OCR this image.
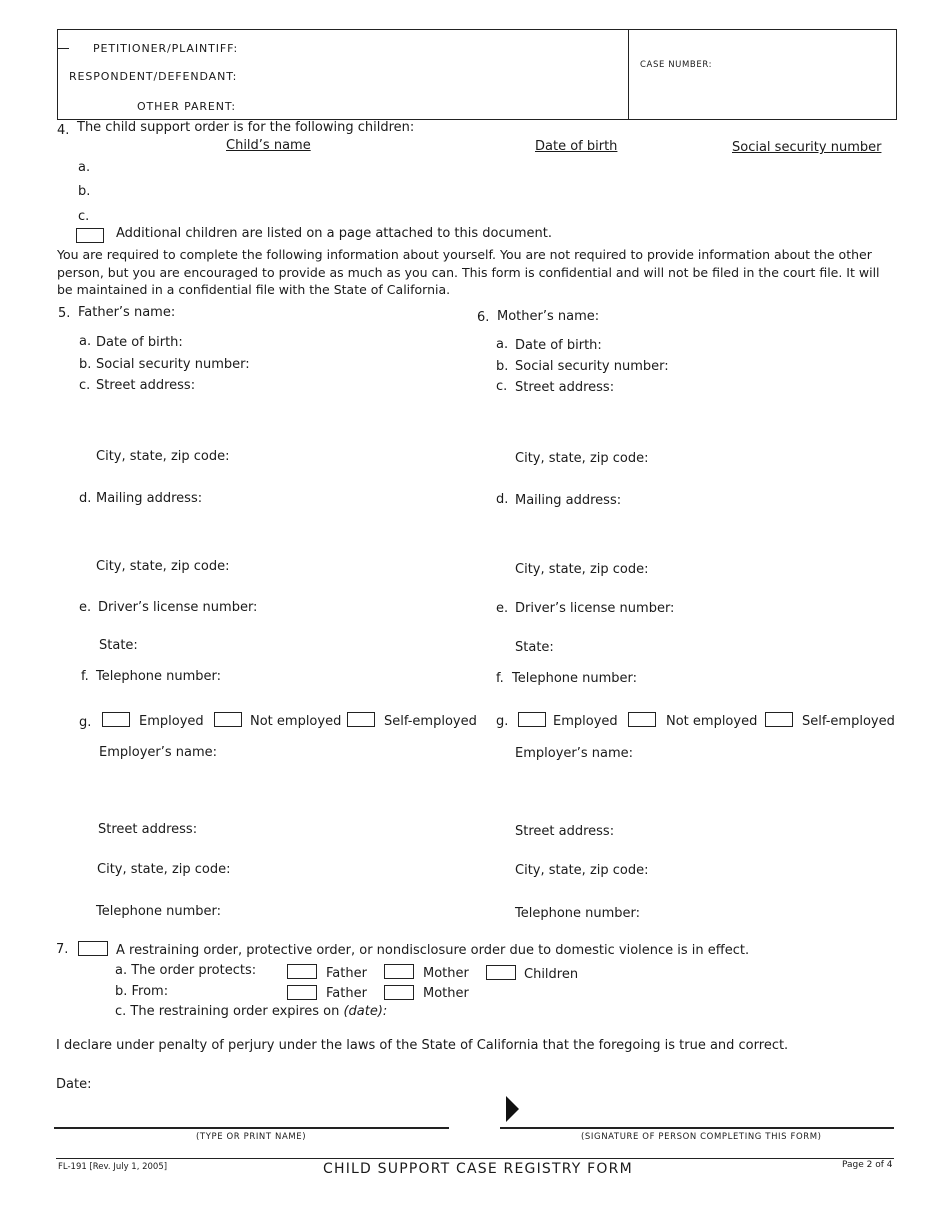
PETITIONER/PLAINTIFF:
RESPONDENT/DEFENDANT:
OTHER PARENT:
CASE NUMBER:
4. The child support order is for the following children:
Child’s name	Date of birth	Social security number
a.
b.
c.
Additional children are listed on a page attached to this document.
You are required to complete the following information about yourself. You are not required to provide information about the other person, but you are encouraged to provide as much as you can. This form is confidential and will not be filed in the court file. It will be maintained in a confidential file with the State of California.
5. Father’s name:
a. Date of birth:
b. Social security number:
c. Street address:
City, state, zip code:
d. Mailing address:
City, state, zip code:
e. Driver’s license number:
State:
f. Telephone number:
g.	Employed	Not employed	Self-employed
Employer’s name:
Street address:
City, state, zip code:
Telephone number:
6. Mother’s name:
a. Date of birth:
b. Social security number:
c. Street address:
City, state, zip code:
d. Mailing address:
City, state, zip code:
e. Driver’s license number:
State:
f. Telephone number:
g.	Employed	Not employed	Self-employed
Employer’s name:
Street address:
City, state, zip code:
Telephone number:
7.	A restraining order, protective order, or nondisclosure order due to domestic violence is in effect.
a. The order protects:	Father	Mother	Children
b. From:	Father	Mother
c. The restraining order expires on (date):
I declare under penalty of perjury under the laws of the State of California that the foregoing is true and correct.
Date:
(TYPE OR PRINT NAME)	(SIGNATURE OF PERSON COMPLETING THIS FORM)
FL-191 [Rev. July 1, 2005]	CHILD SUPPORT CASE REGISTRY FORM	Page 2 of 4
